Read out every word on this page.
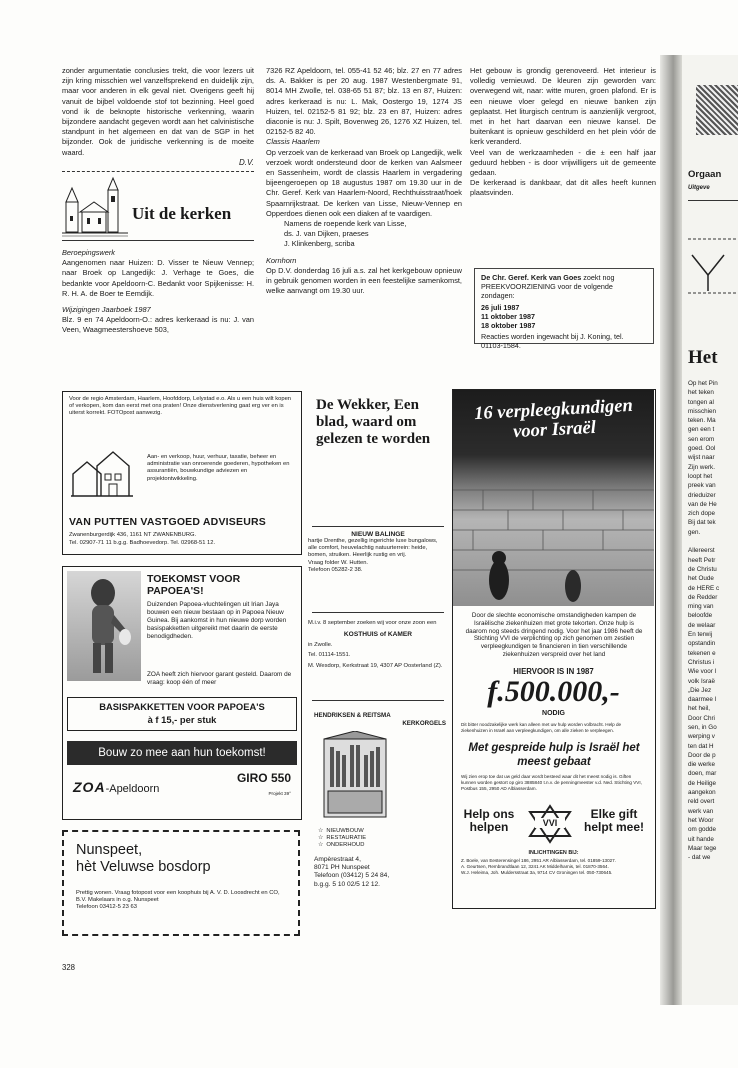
zonder argumentatie conclusies trekt, die voor lezers uit zijn kring misschien wel vanzelfsprekend en duidelijk zijn, maar voor anderen in elk geval niet. Overigens geeft hij vanuit de bijbel voldoende stof tot bezinning. Heel goed vond ik de beknopte historische verkenning, waarin bijzondere aandacht gegeven wordt aan het calvinistische standpunt in het algemeen en dat van de SGP in het bijzonder. Ook de juridische verkenning is de moeite waard.

D.V.
Uit de kerken

Beroepingswerk

Aangenomen naar Huizen: D. Visser te Nieuw Vennep; naar Broek op Langedijk: J. Verhage te Goes, die bedankte voor Apeldoorn-C. Bedankt voor Spijkenisse: H. R. H. A. de Boer te Eemdijk.

Wijzigingen Jaarboek 1987

Blz. 9 en 74 Apeldoorn-O.: adres kerkeraad is nu: J. van Veen, Waagmeestershoeve 503,

7326 RZ Apeldoorn, tel. 055-41 52 46; blz. 27 en 77 adres ds. A. Bakker is per 20 aug. 1987 Westenbergmate 91, 8014 MH Zwolle, tel. 038-65 51 87; blz. 13 en 87, Huizen: adres kerkeraad is nu: L. Mak, Oostergo 19, 1274 JS Huizen, tel. 02152-5 81 92; blz. 23 en 87, Huizen: adres diaconie is nu: J. Spilt, Bovenweg 26, 1276 XZ Huizen, tel. 02152-5 82 40.

Classis Haarlem

Op verzoek van de kerkeraad van Broek op Langedijk, welk verzoek wordt ondersteund door de kerken van Aalsmeer en Sassenheim, wordt de classis Haarlem in vergadering bijeengeroepen op 18 augustus 1987 om 19.30 uur in de Chr. Geref. Kerk van Haarlem-Noord, Rechthuisstraat/hoek Spaarnrijkstraat. De kerken van Lisse, Nieuw-Vennep en Opperdoes dienen ook een diaken af te vaardigen.

Namens de roepende kerk van Lisse,

ds. J. van Dijken, praeses

J. Klinkenberg, scriba

Kornhorn

Op D.V. donderdag 16 juli a.s. zal het kerkgebouw opnieuw in gebruik genomen worden in een feestelijke samenkomst, welke aanvangt om 19.30 uur.

Het gebouw is grondig gerenoveerd. Het interieur is volledig vernieuwd. De kleuren zijn geworden van: overwegend wit, naar: witte muren, groen plafond. Er is een nieuwe vloer gelegd en nieuwe banken zijn geplaatst. Het liturgisch centrum is aanzienlijk vergroot, met in het hart daarvan een nieuwe kansel. De buitenkant is opnieuw geschilderd en het plein vóór de kerk veranderd.

Veel van de werkzaamheden - die ± een half jaar geduurd hebben - is door vrijwilligers uit de gemeente gedaan.

De kerkeraad is dankbaar, dat dit alles heeft kunnen plaatsvinden.

De Chr. Geref. Kerk van Goes zoekt nog PREEKVOORZIENING voor de volgende zondagen:
26 juli 1987
11 oktober 1987
18 oktober 1987
Reacties worden ingewacht bij J. Koning, tel. 01103-1584.
Voor de regio Amsterdam, Haarlem, Hoofddorp, Lelystad e.o. Als u een huis wilt kopen of verkopen, kom dan eerst met ons praten! Onze dienstverlening gaat erg ver en is uiterst korrekt. FOTOpost aanwezig.
Aan- en verkoop, huur, verhuur, taxatie, beheer en administratie van onroerende goederen, hypotheken en assurantiën, bouwkundige adviezen en projektontwikkeling.
VAN PUTTEN VASTGOED ADVISEURS
Zwanenburgerdijk 436, 1161 NT ZWANENBURG.
Tel. 02907-71 11 b.g.g. Badhoevedorp. Tel. 02968-51 12.
De Wekker, Een blad, waard om gelezen te worden
NIEUW BALINGE
hartje Drenthe, gezellig ingerichte luxe bungalows, alle comfort, heuvelachtig natuurterrein: heide, bomen, struiken. Heerlijk rustig en vrij.
Vraag folder W. Hutten.
Telefoon 05282-2 38.
M.i.v. 8 september zoeken wij voor onze zoon een
KOSTHUIS of KAMER
in Zwolle.
Tel. 01114-1551.
M. Wesdorp, Kerkstraat 19, 4307 AP Oosterland (Z).
TOEKOMST VOOR PAPOEA'S!
Duizenden Papoea-vluchtelingen uit Irian Jaya bouwen een nieuw bestaan op in Papoea Nieuw Guinea. Bij aankomst in hun nieuwe dorp worden basispakketten uitgereikt met daarin de eerste benodigdheden.
ZOA heeft zich hiervoor garant gesteld. Daarom de vraag: koop één of meer
BASISPAKKETTEN VOOR PAPOEA'S
à f 15,- per stuk
Bouw zo mee aan hun toekomst!
ZOA-Apeldoorn
GIRO 550
Projekt 39°
HENDRIKSEN & REITSMA
KERKORGELS
☆  NIEUWBOUW
☆  RESTAURATIE
☆  ONDERHOUD
Ampèrestraat 4,
8071 PH Nunspeet
Telefoon (03412) 5 24 84,
b.g.g. 5 10 02/5 12 12.
Nunspeet,
hèt Veluwse bosdorp
Prettig wonen. Vraag fotopost voor een koophuis bij A. V. D. Loosdrecht en CO, B.V. Makelaars in o.g. Nunspeet
Telefoon 03412-5 23 63
16 verpleegkundigen voor Israël
Door de slechte economische omstandigheden kampen de Israëlische ziekenhuizen met grote tekorten. Onze hulp is daarom nog steeds dringend nodig. Voor het jaar 1986 heeft de Stichting VVI de verplichting op zich genomen om zestien verpleegkundigen te financieren in tien verschillende ziekenhuizen verspreid over het land
HIERVOOR IS IN 1987
f.500.000,-
NODIG
Dit bitter noodzakelijke werk kan alleen met uw hulp worden volbracht. Help de ziekenhuizen in Israël aan verpleegkundigen, om alle zieken te verpleegen.
Met gespreide hulp is Israël het meest gebaat
Wij zien erop toe dat uw geld daar wordt besteed waar dit het meest nodig is. Giften kunnen worden gestort op giro 3885840 t.n.v. de penningmeester v.d. Ned. Stichting VVI, Postbus 155, 2950 AD Alblasserdam.
Help ons helpen	VVI
Elke gift helpt mee!
INLICHTINGEN BIJ:
Z. Boele, van Eesterensingel 186, 2951 AR Alblasserdam, tel. 01859-13027.
A. Geurtsen, Rembrandtlaan 12, 3241 AK Middelharnis, tel. 01870-3564.
W.J. Heleima, Joh. Muldersstraat 3a, 9714 CV Groningen tel. 050-730645.
328
Orgaan
Uitgeve
Het
Op het Pin
het teken
tongen al
misschien
teken. Ma
gen een t
sen erom
goed. Ool
wijst naar
Zijn werk.
loopt het
preek van
drieduizer
van de He
zich dope
Bij dat tek
gen.

Allereerst
heeft Petr
de Christu
het Oude
de HERE c
de Redder
ming van
beloofde
de welaar
En terwij
opstandin
tekenen e
Christus i
Wie voor l
volk Israë
„Die Jez
daarmee l
het heil,
Door Chri
sen, in Go
werping v
ten dat H
Door de p
die werke
doen, mar
de Heilige
aangekon
reld overt
werk van
het Woor
om godde
uit hande
Maar tege
- dat we
